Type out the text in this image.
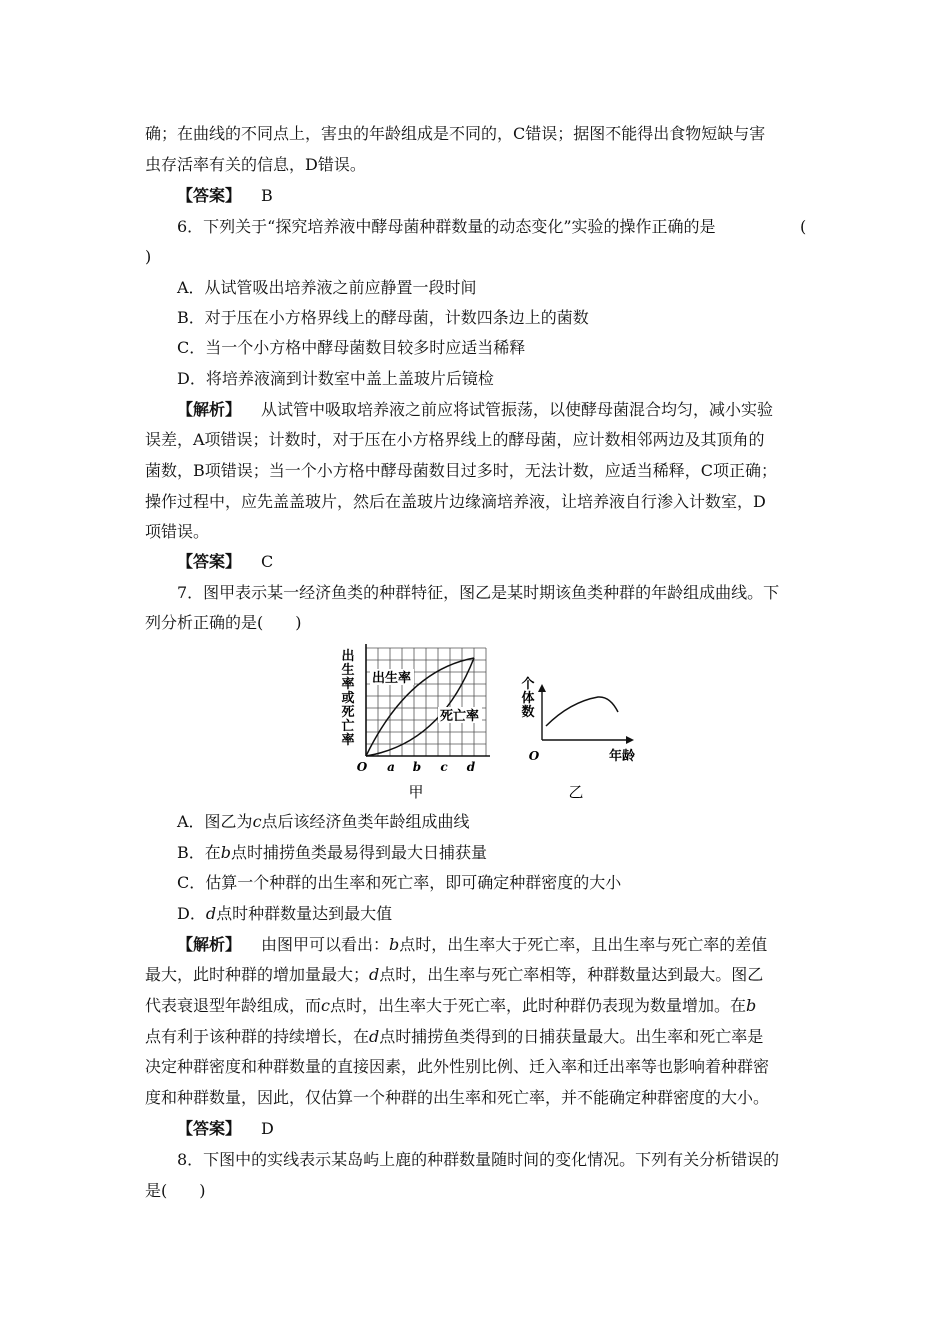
确；在曲线的不同点上，害虫的年龄组成是不同的，C错误；据图不能得出食物短缺与害
虫存活率有关的信息，D错误。
【答案】 B
6．下列关于“探究培养液中酵母菌种群数量的动态变化”实验的操作正确的是	(
)
A．从试管吸出培养液之前应静置一段时间
B．对于压在小方格界线上的酵母菌，计数四条边上的菌数
C．当一个小方格中酵母菌数目较多时应适当稀释
D．将培养液滴到计数室中盖上盖玻片后镜检
【解析】 从试管中吸取培养液之前应将试管振荡，以使酵母菌混合均匀，减小实验
误差，A项错误；计数时，对于压在小方格界线上的酵母菌，应计数相邻两边及其顶角的
菌数，B项错误；当一个小方格中酵母菌数目过多时，无法计数，应适当稀释，C项正确；
操作过程中，应先盖盖玻片，然后在盖玻片边缘滴培养液，让培养液自行渗入计数室，D
项错误。
【答案】 C
7．图甲表示某一经济鱼类的种群特征，图乙是某时期该鱼类种群的年龄组成曲线。下
列分析正确的是(　　)
出
生
率
或
死
亡
率
出生率
死亡率
O a b c d
甲
个
体
数
O	年龄
乙
A．图乙为c点后该经济鱼类年龄组成曲线
B．在b点时捕捞鱼类最易得到最大日捕获量
C．估算一个种群的出生率和死亡率，即可确定种群密度的大小
D．d点时种群数量达到最大值
【解析】 由图甲可以看出：b点时，出生率大于死亡率，且出生率与死亡率的差值
最大，此时种群的增加量最大；d点时，出生率与死亡率相等，种群数量达到最大。图乙
代表衰退型年龄组成，而c点时，出生率大于死亡率，此时种群仍表现为数量增加。在b
点有利于该种群的持续增长，在d点时捕捞鱼类得到的日捕获量最大。出生率和死亡率是
决定种群密度和种群数量的直接因素，此外性别比例、迁入率和迁出率等也影响着种群密
度和种群数量，因此，仅估算一个种群的出生率和死亡率，并不能确定种群密度的大小。
【答案】 D
8．下图中的实线表示某岛屿上鹿的种群数量随时间的变化情况。下列有关分析错误的
是(　　)
